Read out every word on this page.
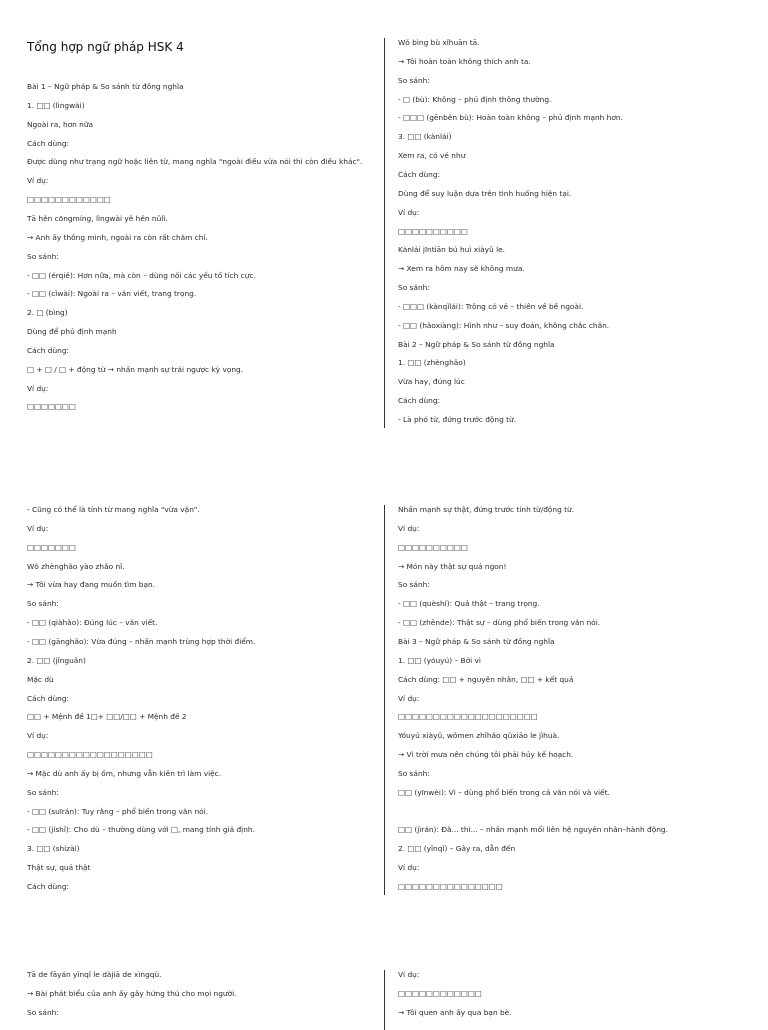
Tổng hợp ngữ pháp HSK 4
Bài 1 – Ngữ pháp & So sánh từ đồng nghĩa
1. □□ (lìngwài)
Ngoài ra, hơn nữa
Cách dùng:
Được dùng như trạng ngữ hoặc liên từ, mang nghĩa "ngoài điều vừa nói thì còn điều khác".
Ví dụ:
□□□□□□□□□□□□
Tā hěn cōngmíng, lìngwài yě hěn nǔlì.
→ Anh ấy thông minh, ngoài ra còn rất chăm chỉ.
So sánh:
- □□ (érqiě): Hơn nữa, mà còn – dùng nối các yếu tố tích cực.
- □□ (cǐwài): Ngoài ra – văn viết, trang trọng.
2. □ (bìng)
Dùng để phủ định mạnh
Cách dùng:
□ + □ / □ + động từ → nhấn mạnh sự trái ngược kỳ vọng.
Ví dụ:
□□□□□□□
Wǒ bìng bù xǐhuān tā.
→ Tôi hoàn toàn không thích anh ta.
So sánh:
- □ (bù): Không – phủ định thông thường.
- □□□ (gēnběn bù): Hoàn toàn không – phủ định mạnh hơn.
3. □□ (kànlái)
Xem ra, có vẻ như
Cách dùng:
Dùng để suy luận dựa trên tình huống hiện tại.
Ví dụ:
□□□□□□□□□□
Kànlái jīntiān bú huì xiàyǔ le.
→ Xem ra hôm nay sẽ không mưa.
So sánh:
- □□□ (kànqǐlái): Trông có vẻ – thiên về bề ngoài.
- □□ (hǎoxiàng): Hình như – suy đoán, không chắc chắn.
Bài 2 – Ngữ pháp & So sánh từ đồng nghĩa
1. □□ (zhènghǎo)
Vừa hay, đúng lúc
Cách dùng:
- Là phó từ, đứng trước động từ.
- Cũng có thể là tính từ mang nghĩa "vừa vặn".
Ví dụ:
□□□□□□□
Wǒ zhènghǎo yào zhǎo nǐ.
→ Tôi vừa hay đang muốn tìm bạn.
So sánh:
- □□ (qiàhǎo): Đúng lúc – văn viết.
- □□ (gānghǎo): Vừa đúng – nhấn mạnh trùng hợp thời điểm.
2. □□ (jǐnguǎn)
Mặc dù
Cách dùng:
□□ + Mệnh đề 1□+ □□/□□ + Mệnh đề 2
Ví dụ:
□□□□□□□□□□□□□□□□□□
→ Mặc dù anh ấy bị ốm, nhưng vẫn kiên trì làm việc.
So sánh:
- □□ (suīrán): Tuy rằng – phổ biến trong văn nói.
- □□ (jíshǐ): Cho dù – thường dùng với □, mang tính giả định.
3. □□ (shízài)
Thật sự, quả thật
Cách dùng:
Nhấn mạnh sự thật, đứng trước tính từ/động từ.
Ví dụ:
□□□□□□□□□□
→ Món này thật sự quá ngon!
So sánh:
- □□ (quèshí): Quả thật – trang trọng.
- □□ (zhēnde): Thật sự – dùng phổ biến trong văn nói.
Bài 3 – Ngữ pháp & So sánh từ đồng nghĩa
1. □□ (yóuyú) – Bởi vì
Cách dùng: □□ + nguyên nhân, □□ + kết quả
Ví dụ:
□□□□□□□□□□□□□□□□□□□□
Yóuyú xiàyǔ, wǒmen zhǐhǎo qǔxiāo le jìhuà.
→ Vì trời mưa nên chúng tôi phải hủy kế hoạch.
So sánh:
□□ (yīnwèi): Vì – dùng phổ biến trong cả văn nói và viết.
□□ (jìrán): Đã... thì... – nhấn mạnh mối liên hệ nguyên nhân–hành động.
2. □□ (yǐnqǐ) – Gây ra, dẫn đến
Ví dụ:
□□□□□□□□□□□□□□□
Tā de fāyán yǐnqǐ le dàjiā de xìngqù.
→ Bài phát biểu của anh ấy gây hứng thú cho mọi người.
So sánh:
Ví dụ:
□□□□□□□□□□□□
→ Tôi quen anh ấy qua bạn bè.
